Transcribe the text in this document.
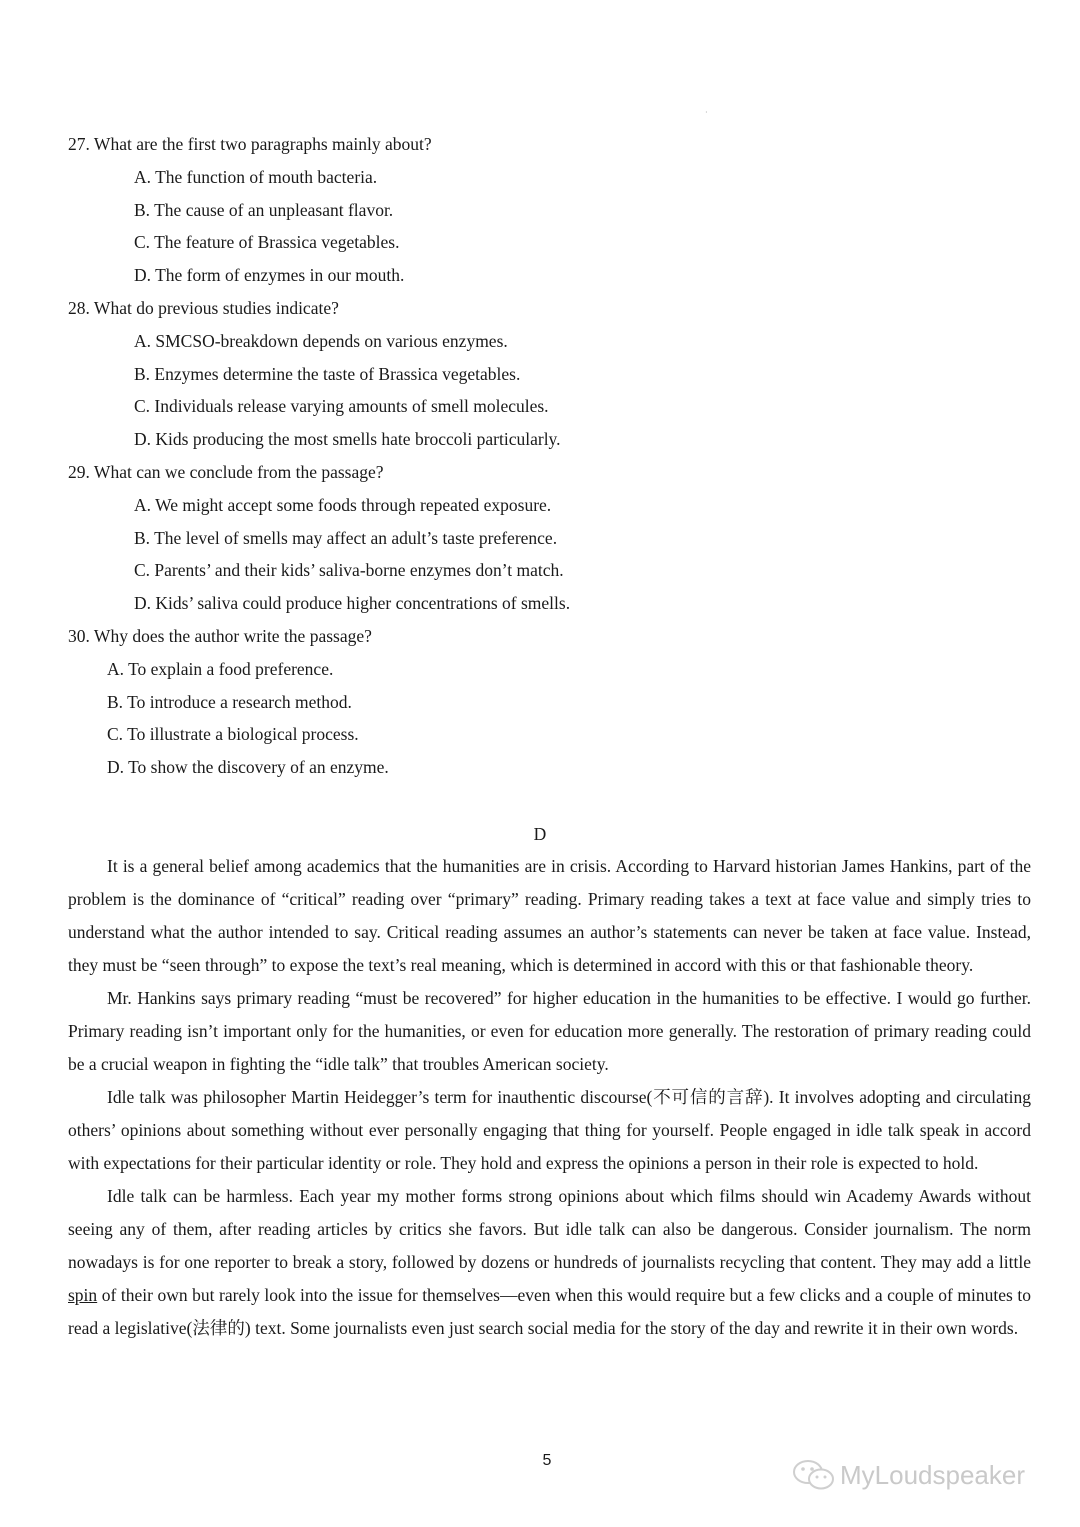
·
27. What are the first two paragraphs mainly about?
A. The function of mouth bacteria.
B. The cause of an unpleasant flavor.
C. The feature of Brassica vegetables.
D. The form of enzymes in our mouth.
28. What do previous studies indicate?
A. SMCSO-breakdown depends on various enzymes.
B. Enzymes determine the taste of Brassica vegetables.
C. Individuals release varying amounts of smell molecules.
D. Kids producing the most smells hate broccoli particularly.
29. What can we conclude from the passage?
A. We might accept some foods through repeated exposure.
B. The level of smells may affect an adult’s taste preference.
C. Parents’ and their kids’ saliva-borne enzymes don’t match.
D. Kids’ saliva could produce higher concentrations of smells.
30. Why does the author write the passage?
A. To explain a food preference.
B. To introduce a research method.
C. To illustrate a biological process.
D. To show the discovery of an enzyme.
D

It is a general belief among academics that the humanities are in crisis. According to Harvard historian James Hankins, part of the problem is the dominance of “critical” reading over “primary” reading. Primary reading takes a text at face value and simply tries to understand what the author intended to say. Critical reading assumes an author’s statements can never be taken at face value. Instead, they must be “seen through” to expose the text’s real meaning, which is determined in accord with this or that fashionable theory.

Mr. Hankins says primary reading “must be recovered” for higher education in the humanities to be effective. I would go further. Primary reading isn’t important only for the humanities, or even for education more generally. The restoration of primary reading could be a crucial weapon in fighting the “idle talk” that troubles American society.

Idle talk was philosopher Martin Heidegger’s term for inauthentic discourse(不可信的言辞). It involves adopting and circulating others’ opinions about something without ever personally engaging that thing for yourself. People engaged in idle talk speak in accord with expectations for their particular identity or role. They hold and express the opinions a person in their role is expected to hold.

Idle talk can be harmless. Each year my mother forms strong opinions about which films should win Academy Awards without seeing any of them, after reading articles by critics she favors. But idle talk can also be dangerous. Consider journalism. The norm nowadays is for one reporter to break a story, followed by dozens or hundreds of journalists recycling that content. They may add a little spin of their own but rarely look into the issue for themselves—even when this would require but a few clicks and a couple of minutes to read a legislative(法律的) text. Some journalists even just search social media for the story of the day and rewrite it in their own words.

5	MyLoudspeaker
